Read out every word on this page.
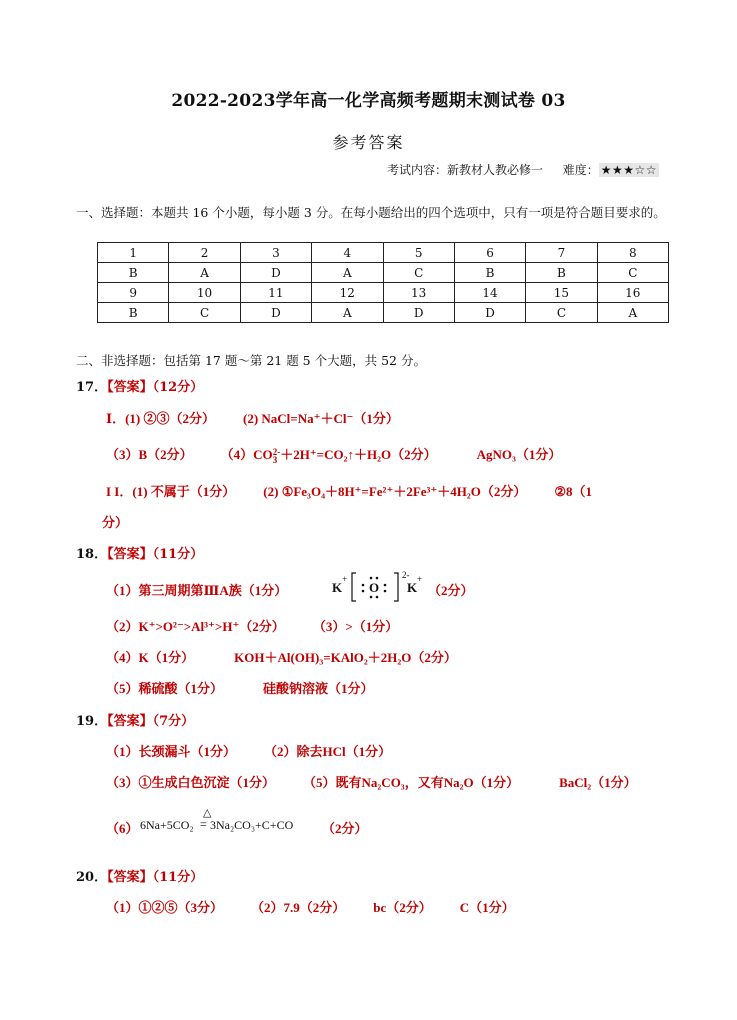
2022-2023学年高一化学高频考题期末测试卷 03
参考答案
考试内容：新教材人教必修一 难度： ★★★☆☆
一、选择题：本题共 16 个小题，每小题 3 分。在每小题给出的四个选项中，只有一项是符合题目要求的。
1	2	3	4	5	6	7	8
B	A	D	A	C	B	B	C
9	10	11	12	13	14	15	16
B	C	D	A	D	D	C	A
二、非选择题：包括第 17 题～第 21 题 5 个大题，共 52 分。
17．【答案】（12分）
Ⅰ．(1) ②③（2分） (2) NaCl=Na⁺＋Cl⁻（1分）
（3）B（2分） （4）CO 2-
3 ＋2H⁺=CO₂↑＋H₂O（2分）	AgNO₃（1分）
I I．(1) 不属于（1分） (2) ①Fe₃O₄＋8H⁺=Fe²⁺＋2Fe³⁺＋4H₂O（2分） ②8（1
分）
18．【答案】（11分）
（1）第三周期第ⅢA族（1分）	K
+
O
2-
K
+
（2分）
（2）K⁺>O²⁻>Al³⁺>H⁺（2分） （3）>（1分）
（4）K（1分）	KOH＋Al(OH)₃=KAlO₂＋2H₂O（2分）
（5）稀硫酸（1分）	硅酸钠溶液（1分）
19．【答案】（7分）
（1）长颈漏斗（1分） （2）除去HCl（1分）
（3）①生成白色沉淀（1分） （5）既有Na₂CO₃，又有Na₂O（1分）	BaCl₂（1分）
（6） 6Na+5CO₂
△
= 3Na₂CO₃+C+CO （2分）
20．【答案】（11分）
（1）①②⑤（3分） （2）7.9（2分） bc（2分） C（1分）
